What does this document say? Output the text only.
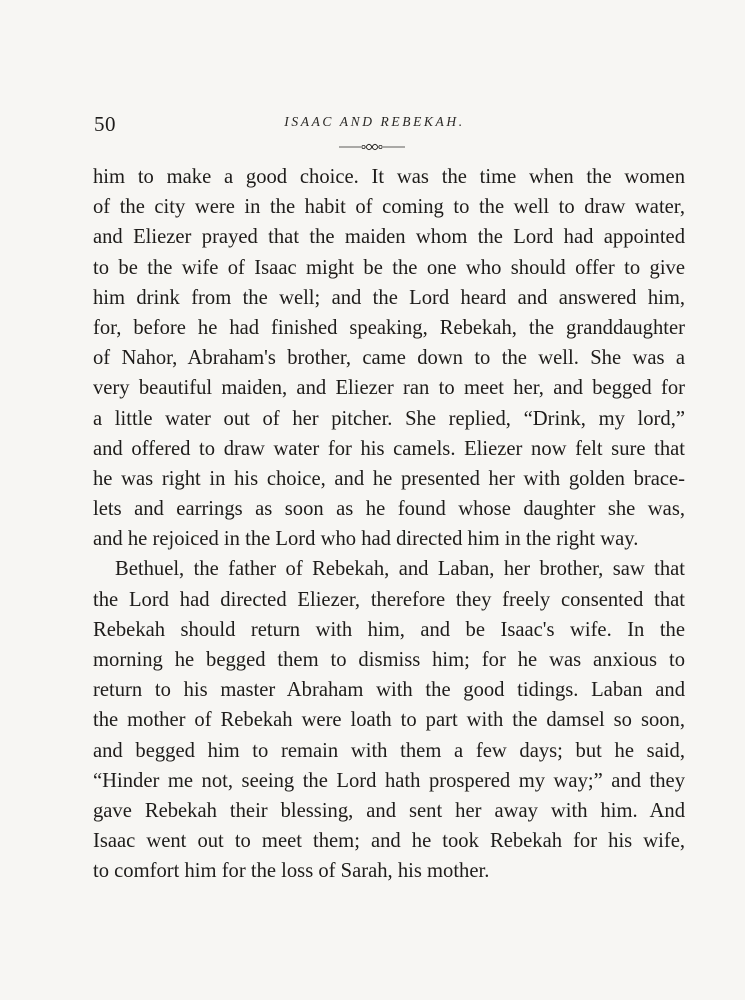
50	ISAAC AND REBEKAH.
him to make a good choice. It was the time when the women
of the city were in the habit of coming to the well to draw water,
and Eliezer prayed that the maiden whom the Lord had appointed
to be the wife of Isaac might be the one who should offer to give
him drink from the well; and the Lord heard and answered him,
for, before he had finished speaking, Rebekah, the granddaughter
of Nahor, Abraham's brother, came down to the well. She was a
very beautiful maiden, and Eliezer ran to meet her, and begged for
a little water out of her pitcher. She replied, “Drink, my lord,”
and offered to draw water for his camels. Eliezer now felt sure that
he was right in his choice, and he presented her with golden brace-
lets and earrings as soon as he found whose daughter she was,
and he rejoiced in the Lord who had directed him in the right way.
Bethuel, the father of Rebekah, and Laban, her brother, saw that
the Lord had directed Eliezer, therefore they freely consented that
Rebekah should return with him, and be Isaac's wife. In the
morning he begged them to dismiss him; for he was anxious to
return to his master Abraham with the good tidings. Laban and
the mother of Rebekah were loath to part with the damsel so soon,
and begged him to remain with them a few days; but he said,
“Hinder me not, seeing the Lord hath prospered my way;” and they
gave Rebekah their blessing, and sent her away with him. And
Isaac went out to meet them; and he took Rebekah for his wife,
to comfort him for the loss of Sarah, his mother.
